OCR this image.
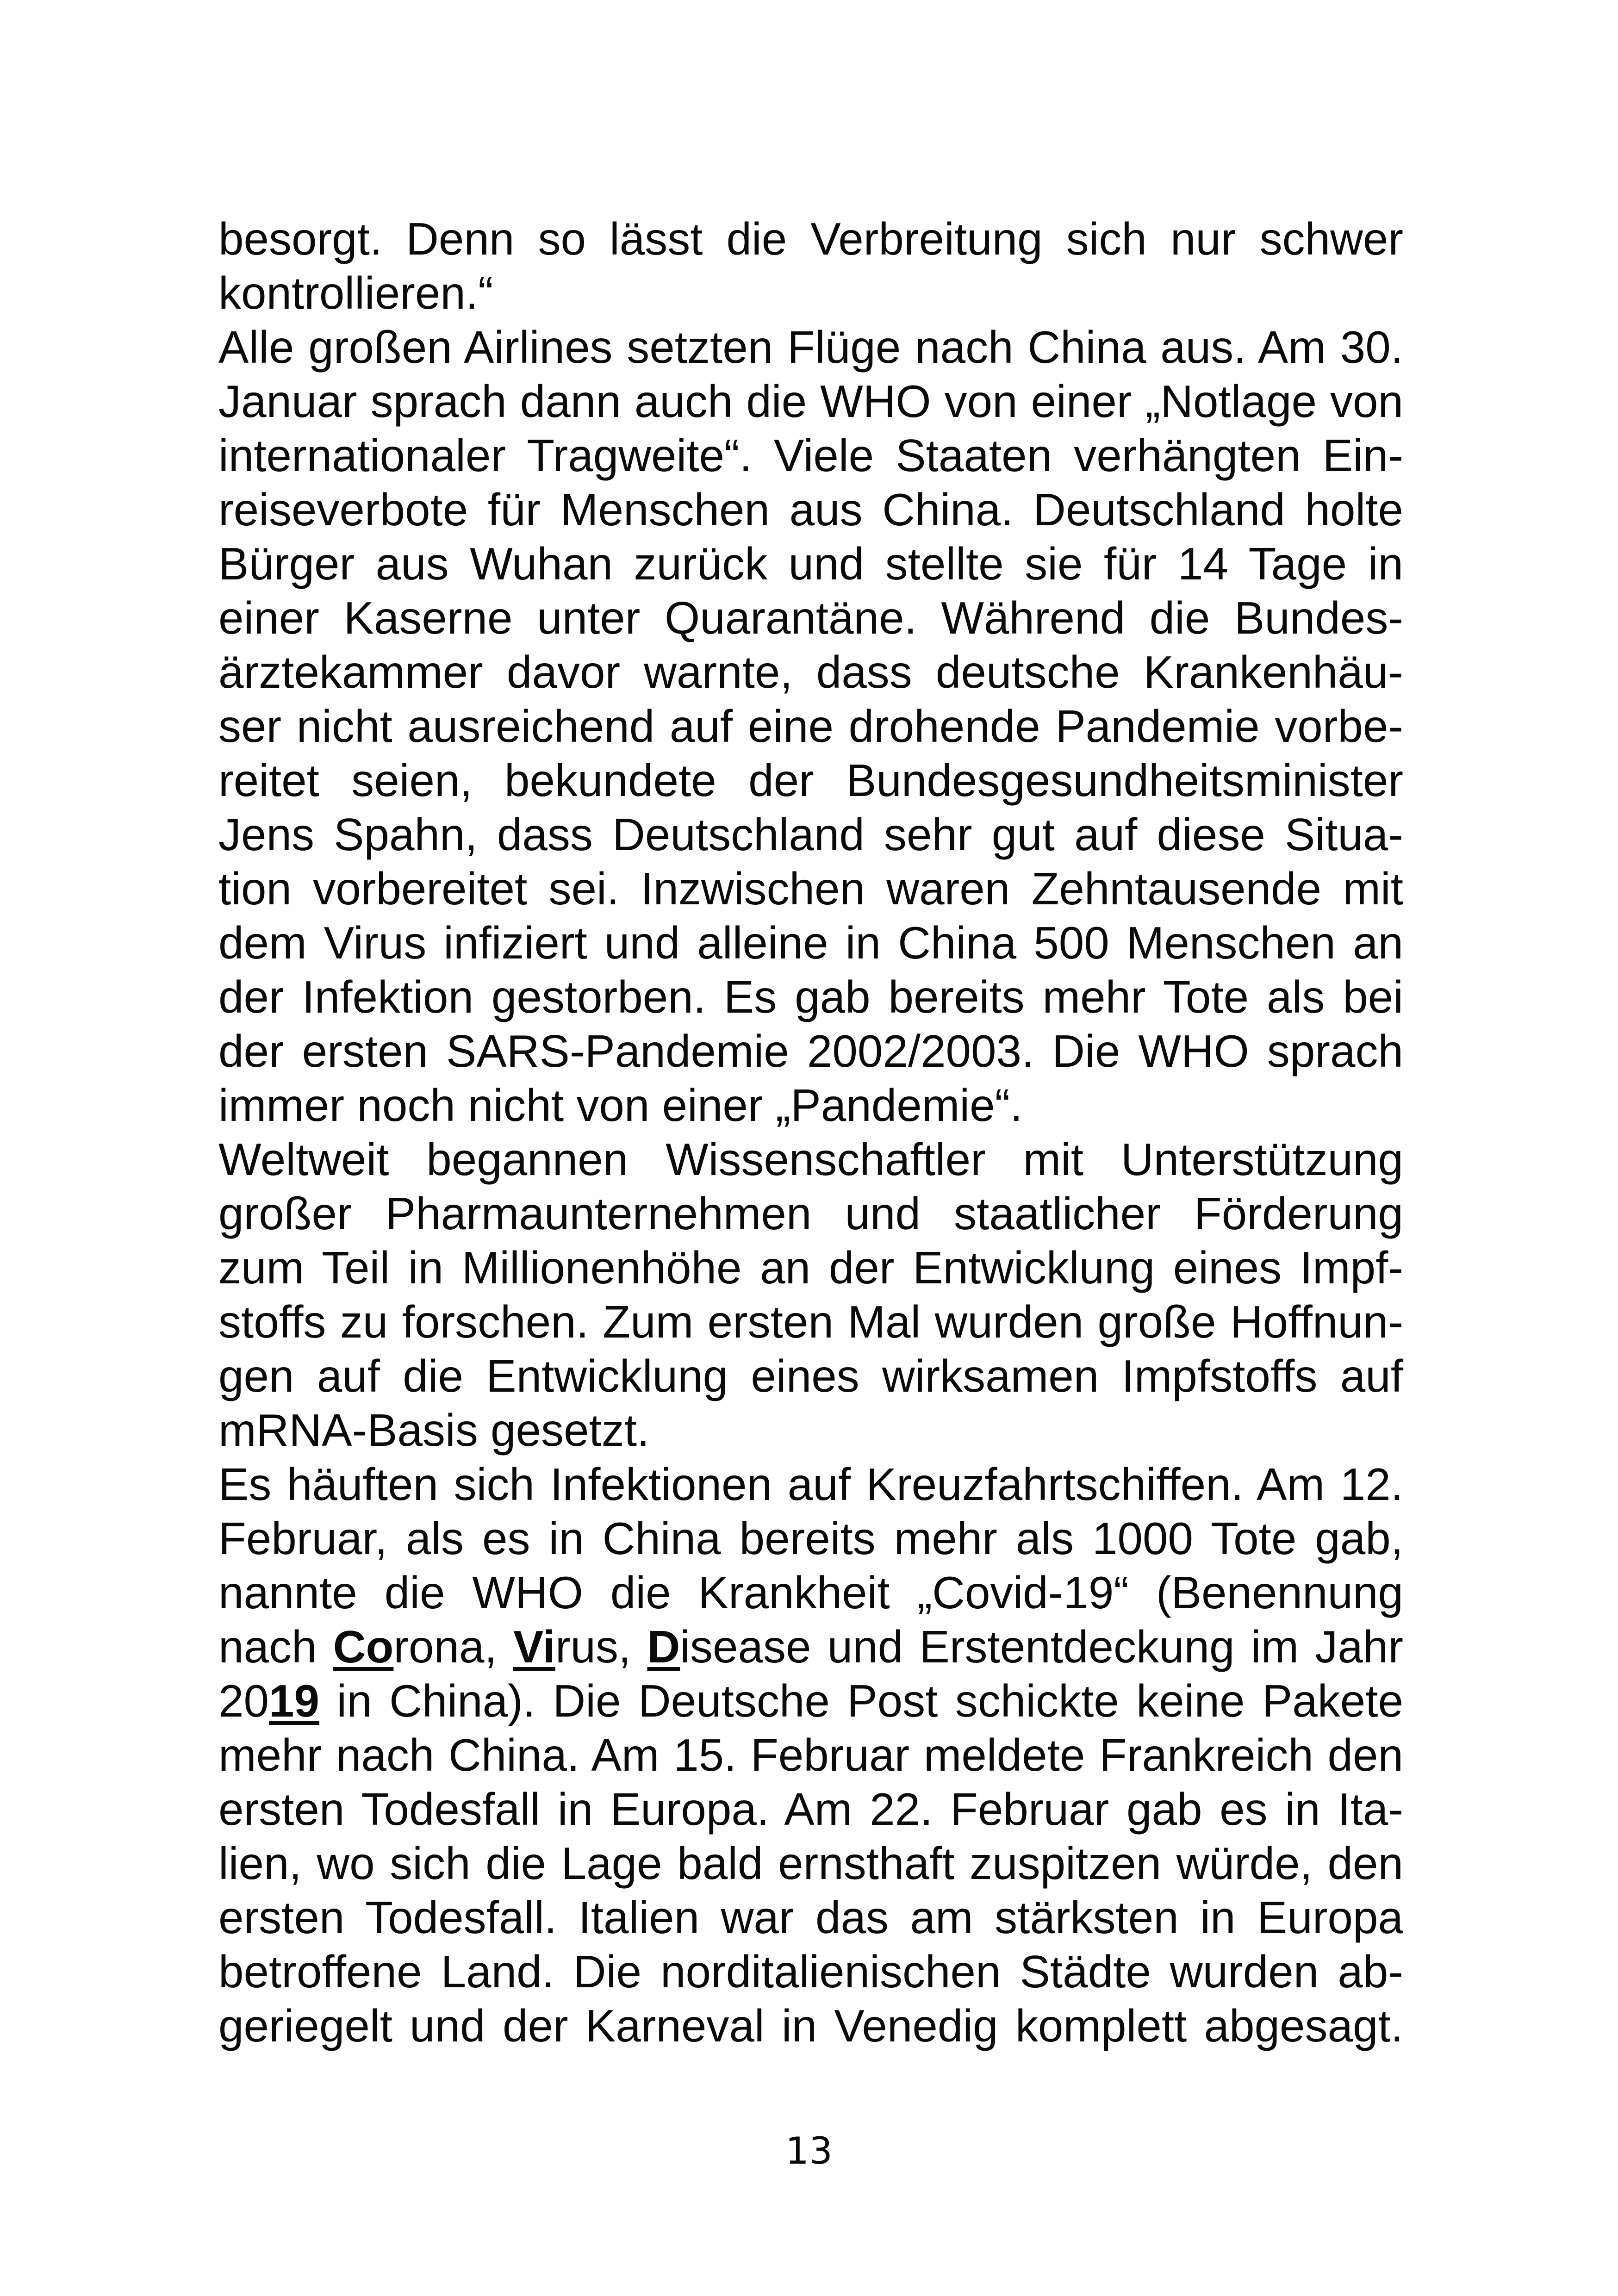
besorgt. Denn so lässt die Verbreitung sich nur schwer
kontrollieren.“
Alle großen Airlines setzten Flüge nach China aus. Am 30.
Januar sprach dann auch die WHO von einer „Notlage von
internationaler Tragweite“. Viele Staaten verhängten Ein-
reiseverbote für Menschen aus China. Deutschland holte
Bürger aus Wuhan zurück und stellte sie für 14 Tage in
einer Kaserne unter Quarantäne. Während die Bundes-
ärztekammer davor warnte, dass deutsche Krankenhäu-
ser nicht ausreichend auf eine drohende Pandemie vorbe-
reitet seien, bekundete der Bundesgesundheitsminister
Jens Spahn, dass Deutschland sehr gut auf diese Situa-
tion vorbereitet sei. Inzwischen waren Zehntausende mit
dem Virus infiziert und alleine in China 500 Menschen an
der Infektion gestorben. Es gab bereits mehr Tote als bei
der ersten SARS-Pandemie 2002/2003. Die WHO sprach
immer noch nicht von einer „Pandemie“.
Weltweit begannen Wissenschaftler mit Unterstützung
großer Pharmaunternehmen und staatlicher Förderung
zum Teil in Millionenhöhe an der Entwicklung eines Impf-
stoffs zu forschen. Zum ersten Mal wurden große Hoffnun-
gen auf die Entwicklung eines wirksamen Impfstoffs auf
mRNA-Basis gesetzt.
Es häuften sich Infektionen auf Kreuzfahrtschiffen. Am 12.
Februar, als es in China bereits mehr als 1000 Tote gab,
nannte die WHO die Krankheit „Covid-19“ (Benennung
nach Corona, Virus, Disease und Erstentdeckung im Jahr
2019 in China). Die Deutsche Post schickte keine Pakete
mehr nach China. Am 15. Februar meldete Frankreich den
ersten Todesfall in Europa. Am 22. Februar gab es in Ita-
lien, wo sich die Lage bald ernsthaft zuspitzen würde, den
ersten Todesfall. Italien war das am stärksten in Europa
betroffene Land. Die norditalienischen Städte wurden ab-
geriegelt und der Karneval in Venedig komplett abgesagt.
13
